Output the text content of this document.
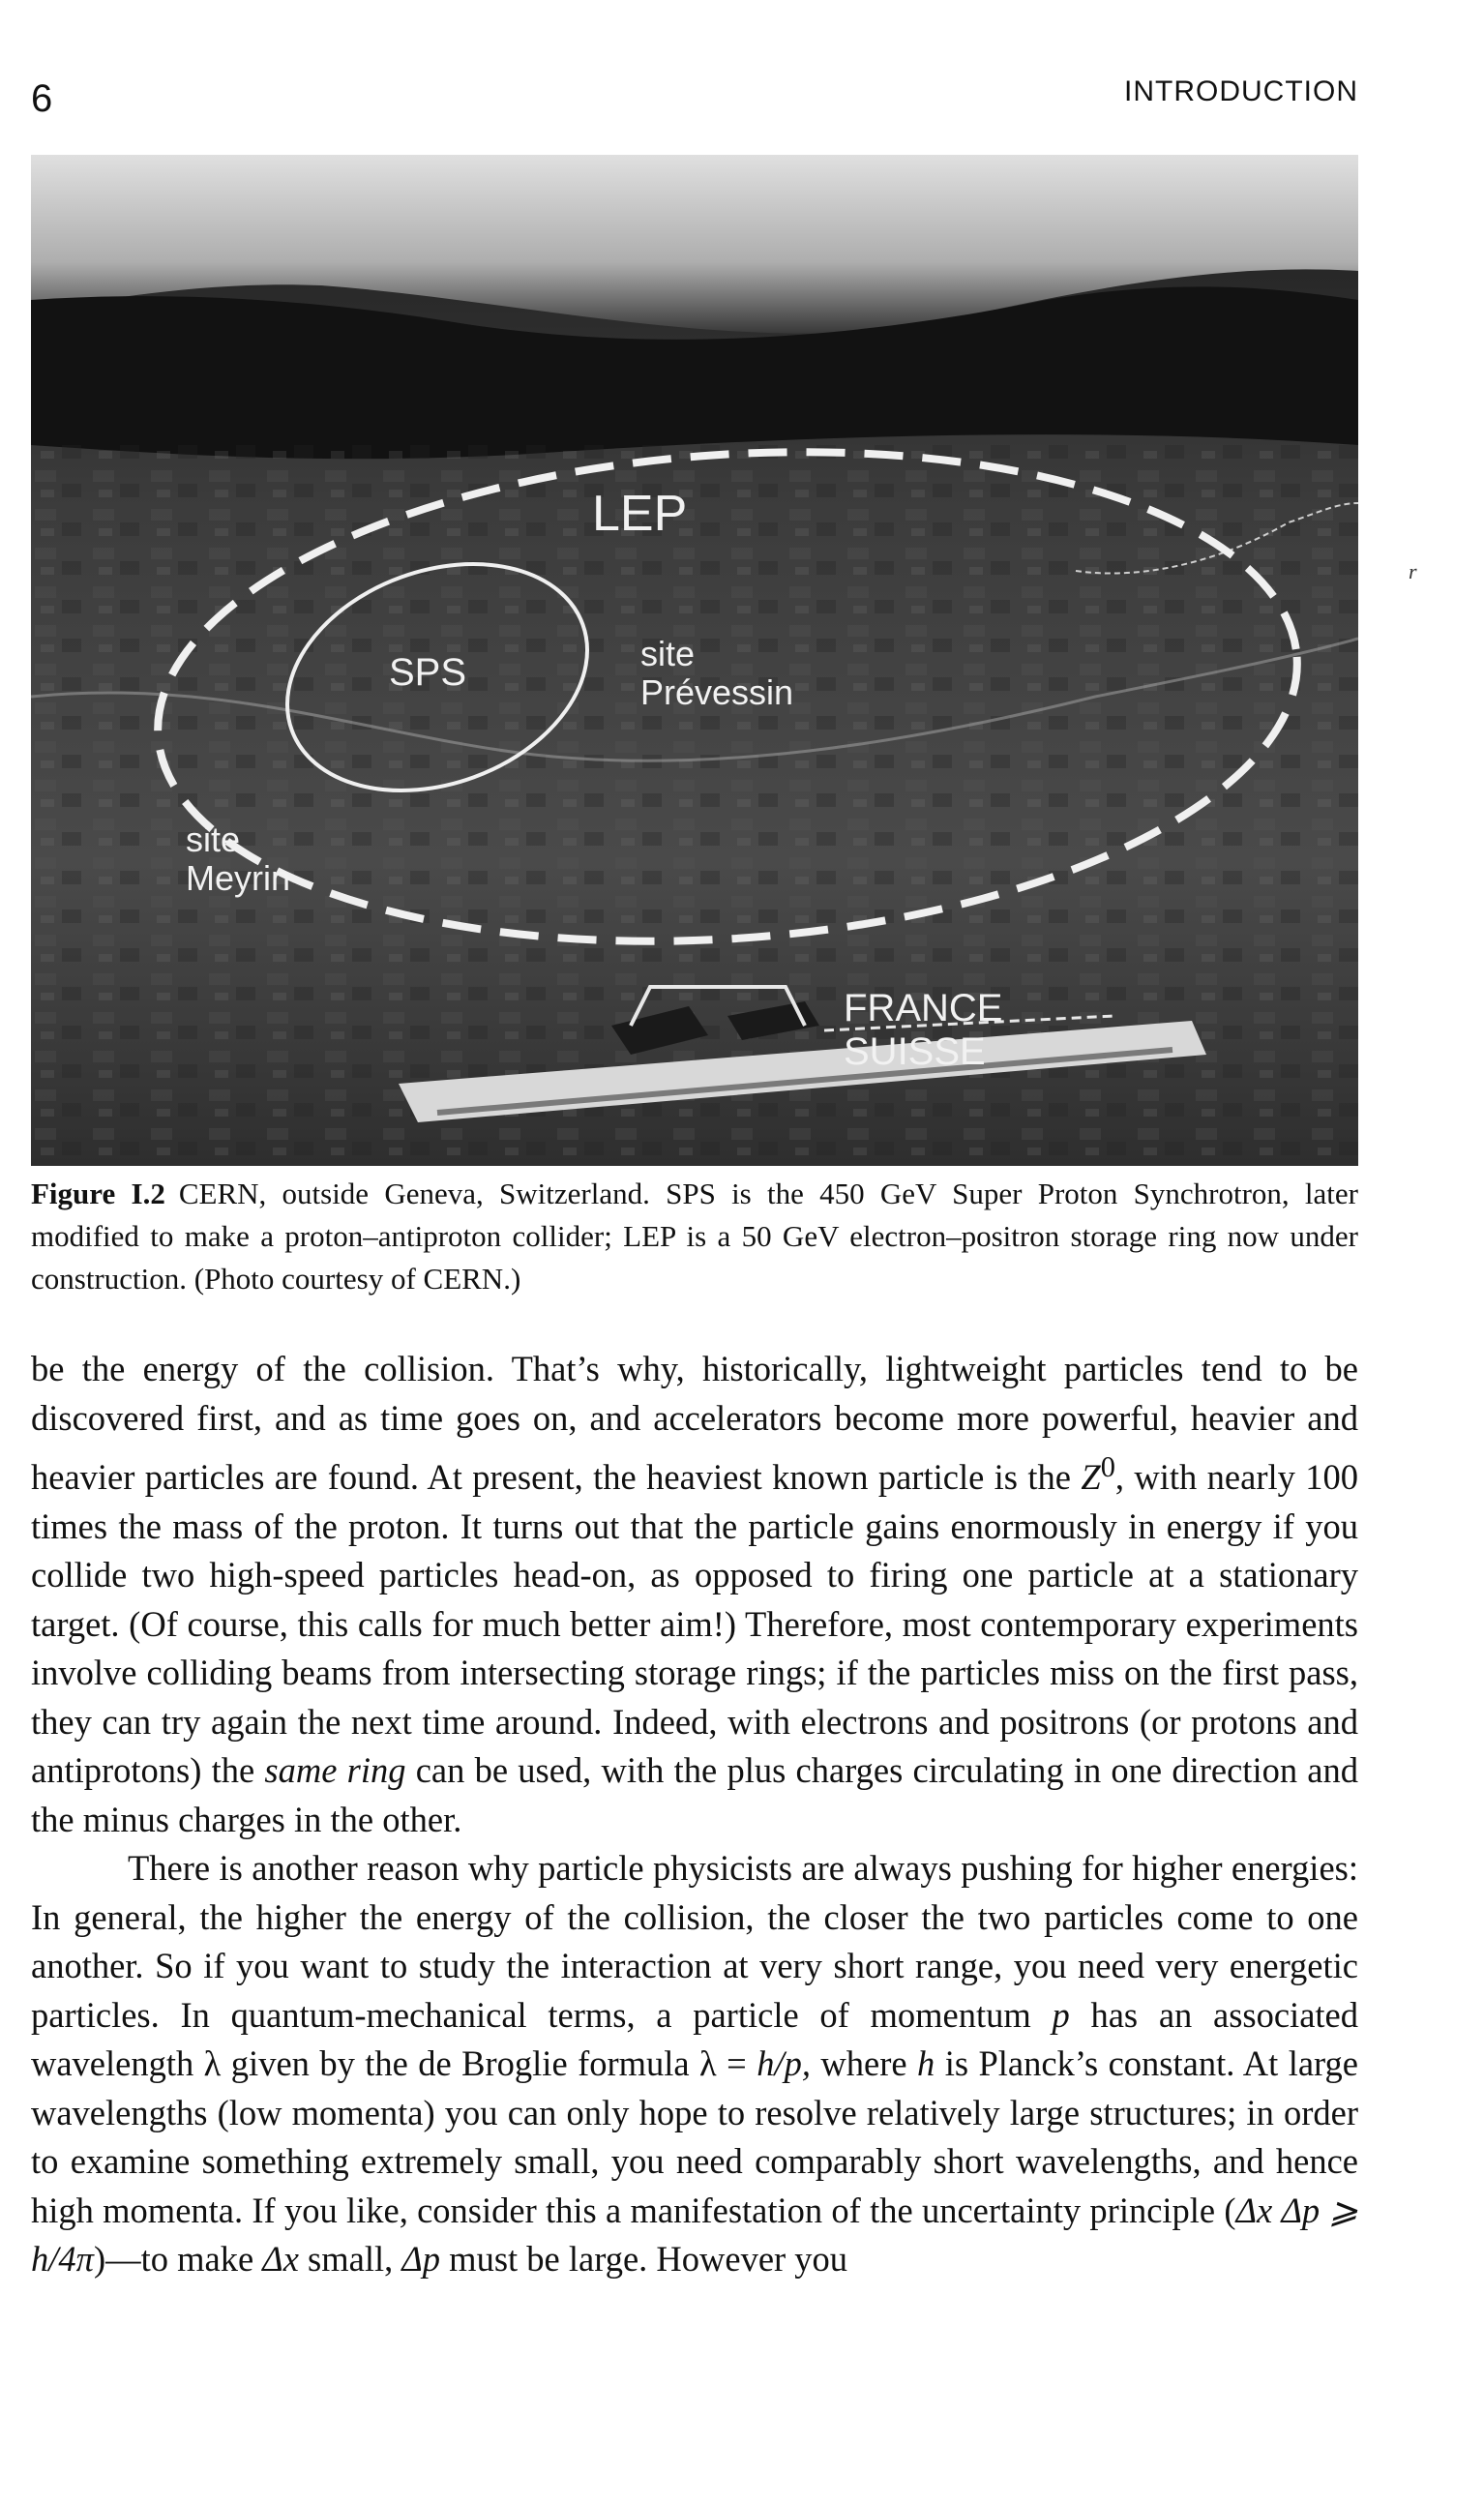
6	INTRODUCTION
LEP
SPS	site
Prévessin
site
Meyrin
FRANCE
SUISSE
r
Figure I.2 CERN, outside Geneva, Switzerland. SPS is the 450 GeV Super Proton Synchrotron, later modified to make a proton–antiproton collider; LEP is a 50 GeV electron–positron storage ring now under construction. (Photo courtesy of CERN.)

be the energy of the collision. That’s why, historically, lightweight particles tend to be discovered first, and as time goes on, and accelerators become more powerful, heavier and heavier particles are found. At present, the heaviest known particle is the $Z^0$, with nearly 100 times the mass of the proton. It turns out that the particle gains enormously in energy if you collide two high-speed particles head-on, as opposed to firing one particle at a stationary target. (Of course, this calls for much better aim!) Therefore, most contemporary experiments involve colliding beams from intersecting storage rings; if the particles miss on the first pass, they can try again the next time around. Indeed, with electrons and positrons (or protons and antiprotons) the same ring can be used, with the plus charges circulating in one direction and the minus charges in the other.

There is another reason why particle physicists are always pushing for higher energies: In general, the higher the energy of the collision, the closer the two particles come to one another. So if you want to study the interaction at very short range, you need very energetic particles. In quantum-mechanical terms, a particle of momentum p has an associated wavelength λ given by the de Broglie formula λ = h/p, where h is Planck’s constant. At large wavelengths (low momenta) you can only hope to resolve relatively large structures; in order to examine something extremely small, you need comparably short wavelengths, and hence high momenta. If you like, consider this a manifestation of the uncertainty principle (Δx Δp ⩾ h/4π)—to make Δx small, Δp must be large. However you
